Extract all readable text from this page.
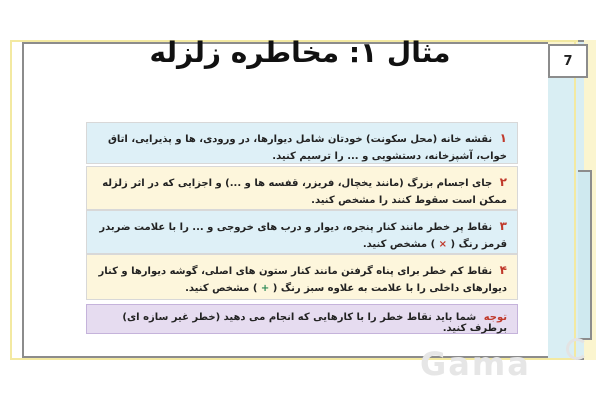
7
مثال ۱: مخاطره زلزله
۱ نقشه خانه (محل سکونت) خودتان شامل دیوارها، در ورودی، ها و پذیرایی، اتاق خواب، آشپزخانه، دستشویی و ... را ترسیم کنید.
۲ جای اجسام بزرگ (مانند یخچال، فریزر، قفسه ها و ...) و اجزایی که در اثر زلزله ممکن است سقوط کنند را مشخص کنید.
۳ نقاط پر خطر مانند کنار پنجره، دیوار و درب های خروجی و ... را با علامت ضربدر قرمز رنگ ( × ) مشخص کنید.
۴ نقاط کم خطر برای پناه گرفتن مانند کنار ستون های اصلی، گوشه دیوارها و کنار دیوارهای داخلی را با علامت به علاوه سبز رنگ ( + ) مشخص کنید.
توجه شما باید نقاط خطر را با کارهایی که انجام می دهید (خطر غیر سازه ای) برطرف کنید.
Gama
